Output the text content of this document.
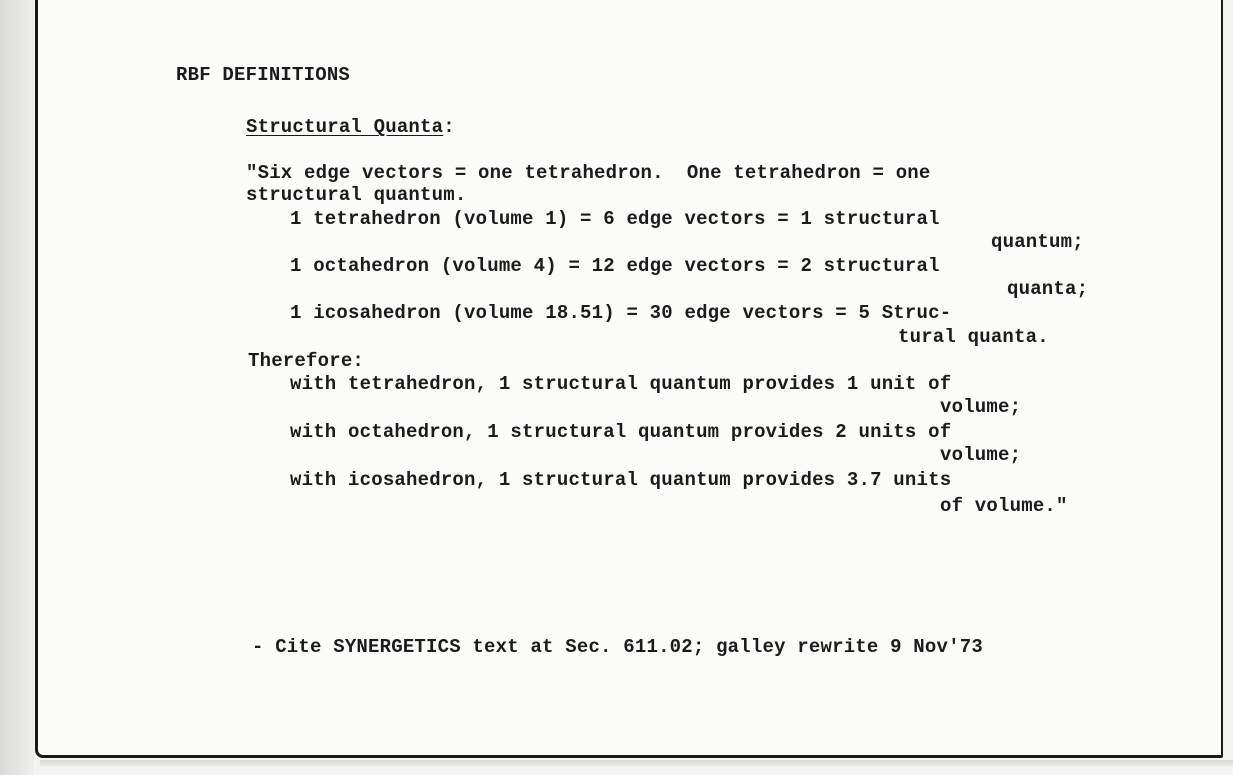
RBF DEFINITIONS

Structural Quanta:

"Six edge vectors = one tetrahedron.  One tetrahedron = one

structural quantum.

1 tetrahedron (volume 1) = 6 edge vectors = 1 structural

quantum;

1 octahedron (volume 4) = 12 edge vectors = 2 structural

quanta;

1 icosahedron (volume 18.51) = 30 edge vectors = 5 Struc-

tural quanta.

Therefore:

with tetrahedron, 1 structural quantum provides 1 unit of

volume;

with octahedron, 1 structural quantum provides 2 units of

volume;

with icosahedron, 1 structural quantum provides 3.7 units

of volume."

- Cite SYNERGETICS text at Sec. 611.02; galley rewrite 9 Nov'73
